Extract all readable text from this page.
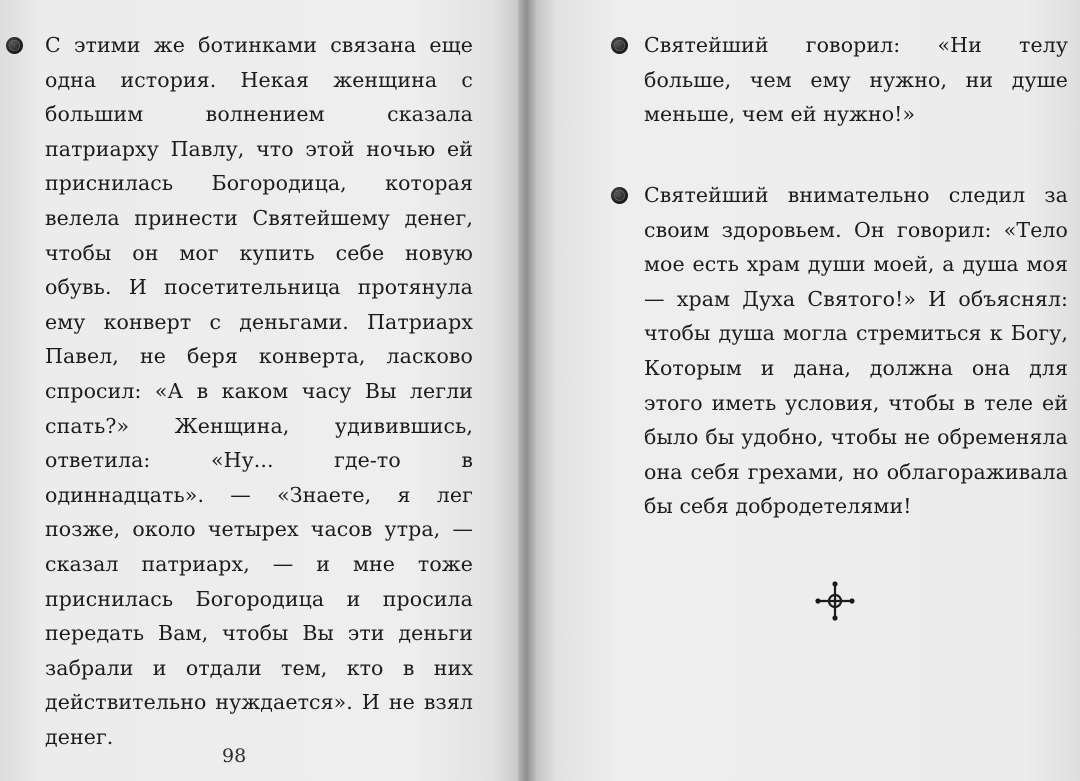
С этими же ботинками связана еще одна история. Некая женщина с большим волнением сказала патриарху Павлу, что этой ночью ей приснилась Богородица, которая велела принести Святейшему денег, чтобы он мог купить себе новую обувь. И посетительница протянула ему конверт с деньгами. Патриарх Павел, не беря конверта, ласково спросил: «А в каком часу Вы легли спать?» Женщина, удивившись, ответила: «Ну... где-то в одиннадцать». — «Знаете, я лег позже, около четырех часов утра, — сказал патриарх, — и мне тоже приснилась Богородица и просила передать Вам, чтобы Вы эти деньги забрали и отдали тем, кто в них действительно нуждается». И не взял денег.

98

Святейший говорил: «Ни телу больше, чем ему нужно, ни душе меньше, чем ей нужно!»

Святейший внимательно следил за своим здоровьем. Он говорил: «Тело мое есть храм души моей, а душа моя — храм Духа Святого!» И объяснял: чтобы душа могла стремиться к Богу, Которым и дана, должна она для этого иметь условия, чтобы в теле ей было бы удобно, чтобы не обременяла она себя грехами, но облагораживала бы себя добродетелями!
